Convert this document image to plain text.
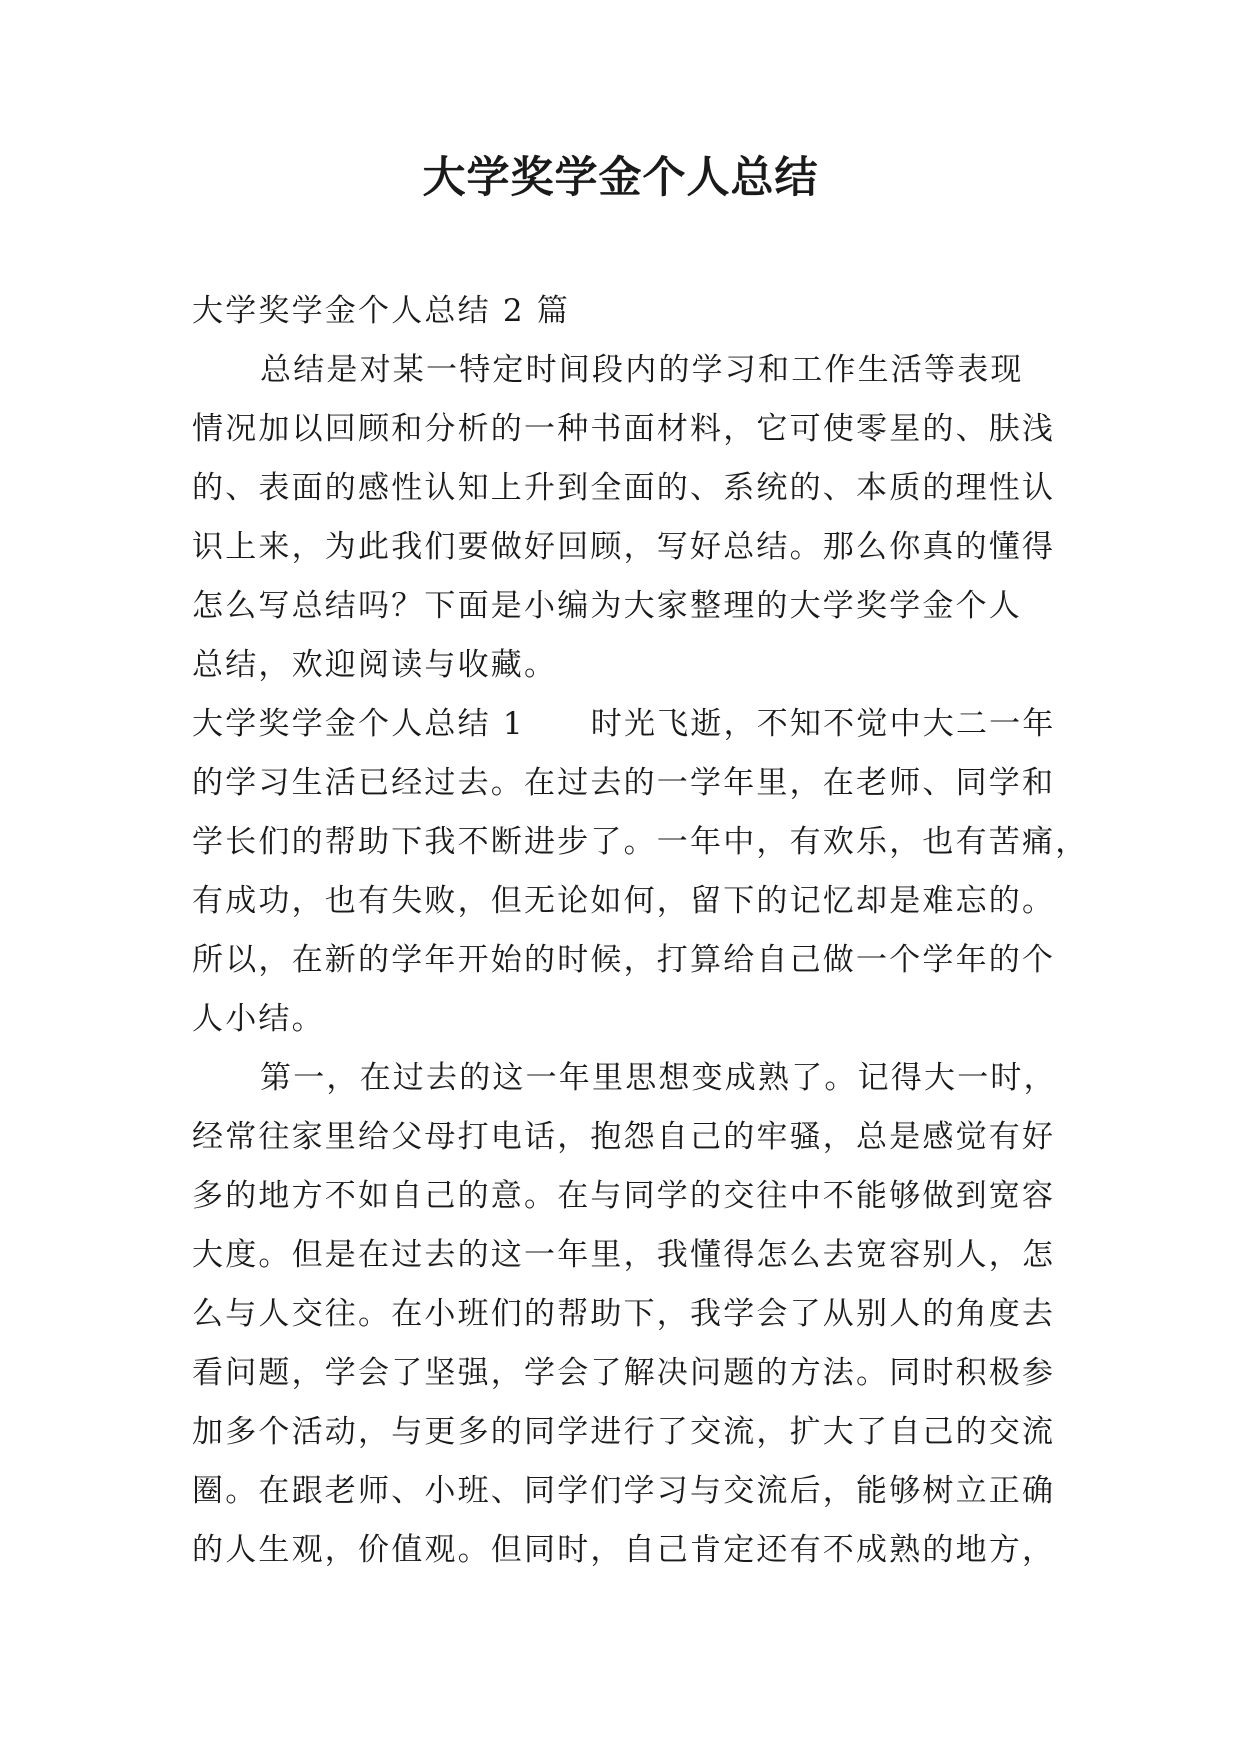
大学奖学金个人总结
大学奖学金个人总结 2 篇
总结是对某一特定时间段内的学习和工作生活等表现
情况加以回顾和分析的一种书面材料，它可使零星的、肤浅
的、表面的感性认知上升到全面的、系统的、本质的理性认
识上来，为此我们要做好回顾，写好总结。那么你真的懂得
怎么写总结吗？下面是小编为大家整理的大学奖学金个人
总结，欢迎阅读与收藏。
大学奖学金个人总结 1 时光飞逝，不知不觉中大二一年
的学习生活已经过去。在过去的一学年里，在老师、同学和
学长们的帮助下我不断进步了。一年中，有欢乐，也有苦痛，
有成功，也有失败，但无论如何，留下的记忆却是难忘的。
所以，在新的学年开始的时候，打算给自己做一个学年的个
人小结。
第一，在过去的这一年里思想变成熟了。记得大一时，
经常往家里给父母打电话，抱怨自己的牢骚，总是感觉有好
多的地方不如自己的意。在与同学的交往中不能够做到宽容
大度。但是在过去的这一年里，我懂得怎么去宽容别人，怎
么与人交往。在小班们的帮助下，我学会了从别人的角度去
看问题，学会了坚强，学会了解决问题的方法。同时积极参
加多个活动，与更多的同学进行了交流，扩大了自己的交流
圈。在跟老师、小班、同学们学习与交流后，能够树立正确
的人生观，价值观。但同时，自己肯定还有不成熟的地方，
